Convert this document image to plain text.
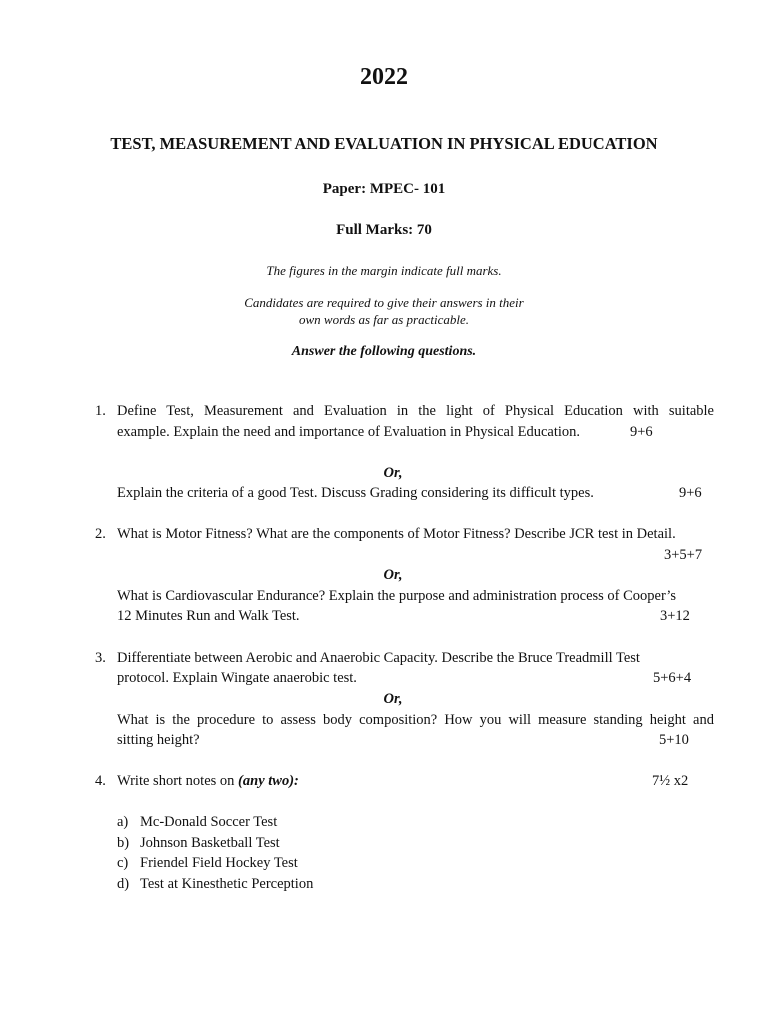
2022
TEST, MEASUREMENT AND EVALUATION IN PHYSICAL EDUCATION
Paper: MPEC- 101
Full Marks: 70
The figures in the margin indicate full marks.
Candidates are required to give their answers in their
own words as far as practicable.
Answer the following questions.
1. Define Test, Measurement and Evaluation in the light of Physical Education with suitable
example. Explain the need and importance of Evaluation in Physical Education.	9+6
Or,
Explain the criteria of a good Test. Discuss Grading considering its difficult types.	9+6
2. What is Motor Fitness? What are the components of Motor Fitness? Describe JCR test in Detail.
3+5+7
Or,
What is Cardiovascular Endurance? Explain the purpose and administration process of Cooper’s
12 Minutes Run and Walk Test.	3+12
3. Differentiate between Aerobic and Anaerobic Capacity. Describe the Bruce Treadmill Test
protocol. Explain Wingate anaerobic test.	5+6+4
Or,
What is the procedure to assess body composition? How you will measure standing height and
sitting height?	5+10
4. Write short notes on (any two):	7½ x2
a) Mc-Donald Soccer Test
b) Johnson Basketball Test
c) Friendel Field Hockey Test
d) Test at Kinesthetic Perception
